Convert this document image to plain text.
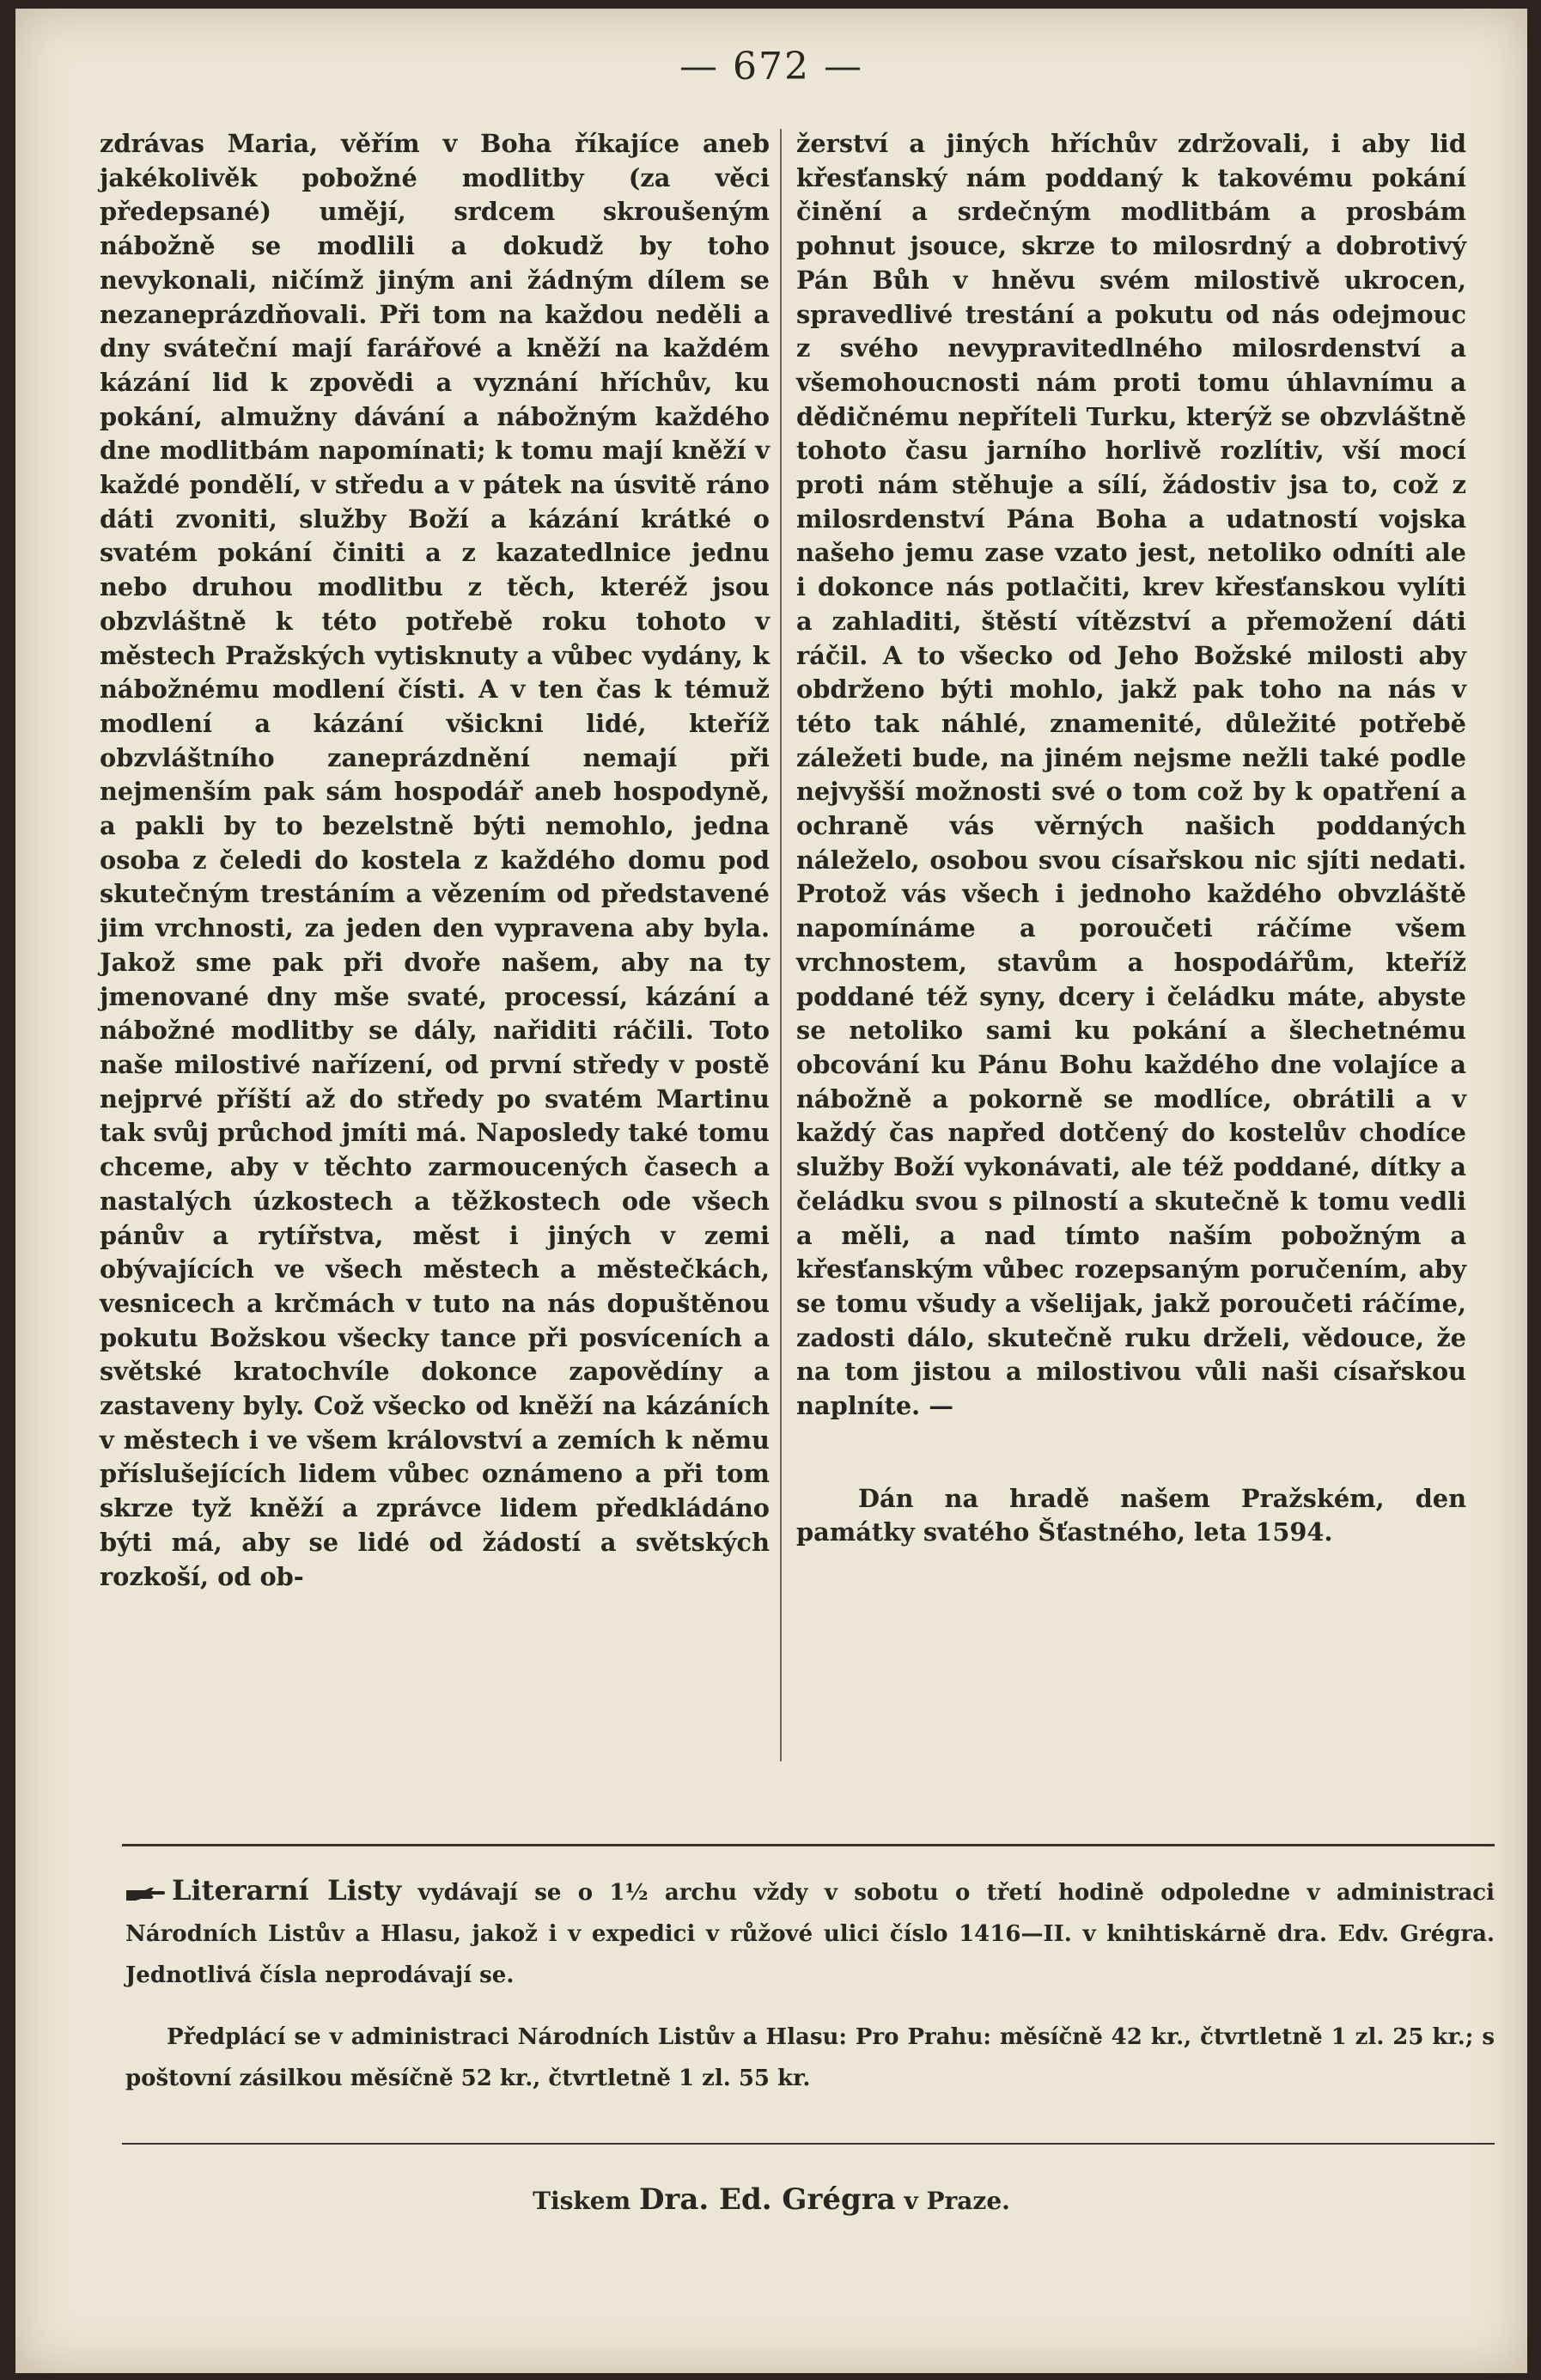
— 672 —

zdrávas Maria, věřím v Boha říkajíce aneb jakékolivěk pobožné modlitby (za věci předepsané) umějí, srdcem skroušeným nábožně se modlili a dokudž by toho nevykonali, ničímž jiným ani žádným dílem se nezaneprázdňovali. Při tom na každou neděli a dny sváteční mají farářové a kněží na každém kázání lid k zpovědi a vyznání hříchův, ku pokání, almužny dávání a nábožným každého dne modlitbám napomínati; k tomu mají kněží v každé pondělí, v středu a v pátek na úsvitě ráno dáti zvoniti, služby Boží a kázání krátké o svatém pokání činiti a z kazatedlnice jednu nebo druhou modlitbu z těch, kteréž jsou obzvláštně k této potřebě roku tohoto v městech Pražských vytisknuty a vůbec vydány, k nábožnému modlení čísti. A v ten čas k témuž modlení a kázání všickni lidé, kteříž obzvláštního zaneprázdnění nemají při nejmenším pak sám hospodář aneb hospodyně, a pakli by to bezelstně býti nemohlo, jedna osoba z čeledi do kostela z každého domu pod skutečným trestáním a vězením od představené jim vrchnosti, za jeden den vypravena aby byla. Jakož sme pak při dvoře našem, aby na ty jmenované dny mše svaté, processí, kázání a nábožné modlitby se dály, nařiditi ráčili. Toto naše milostivé nařízení, od první středy v postě nejprvé příští až do středy po svatém Martinu tak svůj průchod jmíti má. Naposledy také tomu chceme, aby v těchto zarmoucených časech a nastalých úzkostech a těžkostech ode všech pánův a rytířstva, měst i jiných v zemi obývajících ve všech městech a městečkách, vesnicech a krčmách v tuto na nás dopuštěnou pokutu Božskou všecky tance při posvíceních a světské kratochvíle dokonce zapovědíny a zastaveny byly. Což všecko od kněží na kázáních v městech i ve všem království a zemích k němu příslušejících lidem vůbec oznámeno a při tom skrze tyž kněží a zprávce lidem předkládáno býti má, aby se lidé od žádostí a světských rozkoší, od ob-

žerství a jiných hříchův zdržovali, i aby lid křesťanský nám poddaný k takovému pokání činění a srdečným modlitbám a prosbám pohnut jsouce, skrze to milosrdný a dobrotivý Pán Bůh v hněvu svém milostivě ukrocen, spravedlivé trestání a pokutu od nás odejmouc z svého nevypravitedlného milosrdenství a všemohoucnosti nám proti tomu úhlavnímu a dědičnému nepříteli Turku, kterýž se obzvláštně tohoto času jarního horlivě rozlítiv, vší mocí proti nám stěhuje a sílí, žádostiv jsa to, což z milosrdenství Pána Boha a udatností vojska našeho jemu zase vzato jest, netoliko odníti ale i dokonce nás potlačiti, krev křesťanskou vylíti a zahladiti, štěstí vítězství a přemožení dáti ráčil. A to všecko od Jeho Božské milosti aby obdrženo býti mohlo, jakž pak toho na nás v této tak náhlé, znamenité, důležité potřebě záležeti bude, na jiném nejsme nežli také podle nejvyšší možnosti své o tom což by k opatření a ochraně vás věrných našich poddaných náleželo, osobou svou císařskou nic sjíti nedati. Protož vás všech i jednoho každého obvzláště napomínáme a poroučeti ráčíme všem vrchnostem, stavům a hospodářům, kteříž poddané též syny, dcery i čeládku máte, abyste se netoliko sami ku pokání a šlechetnému obcování ku Pánu Bohu každého dne volajíce a nábožně a pokorně se modlíce, obrátili a v každý čas napřed dotčený do kostelův chodíce služby Boží vykonávati, ale též poddané, dítky a čeládku svou s pilností a skutečně k tomu vedli a měli, a nad tímto naším pobožným a křesťanským vůbec rozepsaným poručením, aby se tomu všudy a všelijak, jakž poroučeti ráčíme, zadosti dálo, skutečně ruku drželi, vědouce, že na tom jistou a milostivou vůli naši císařskou naplníte. —

Dán na hradě našem Pražském, den památky svatého Šťastného, leta 1594.

Literarní Listy vydávají se o 1½ archu vždy v sobotu o třetí hodině odpoledne v administraci Národních Listův a Hlasu, jakož i v expedici v růžové ulici číslo 1416—II. v knihtiskárně dra. Edv. Grégra. Jednotlivá čísla neprodávají se.

Předplácí se v administraci Národních Listův a Hlasu: Pro Prahu: měsíčně 42 kr., čtvrtletně 1 zl. 25 kr.; s poštovní zásilkou měsíčně 52 kr., čtvrtletně 1 zl. 55 kr.

Tiskem Dra. Ed. Grégra v Praze.
